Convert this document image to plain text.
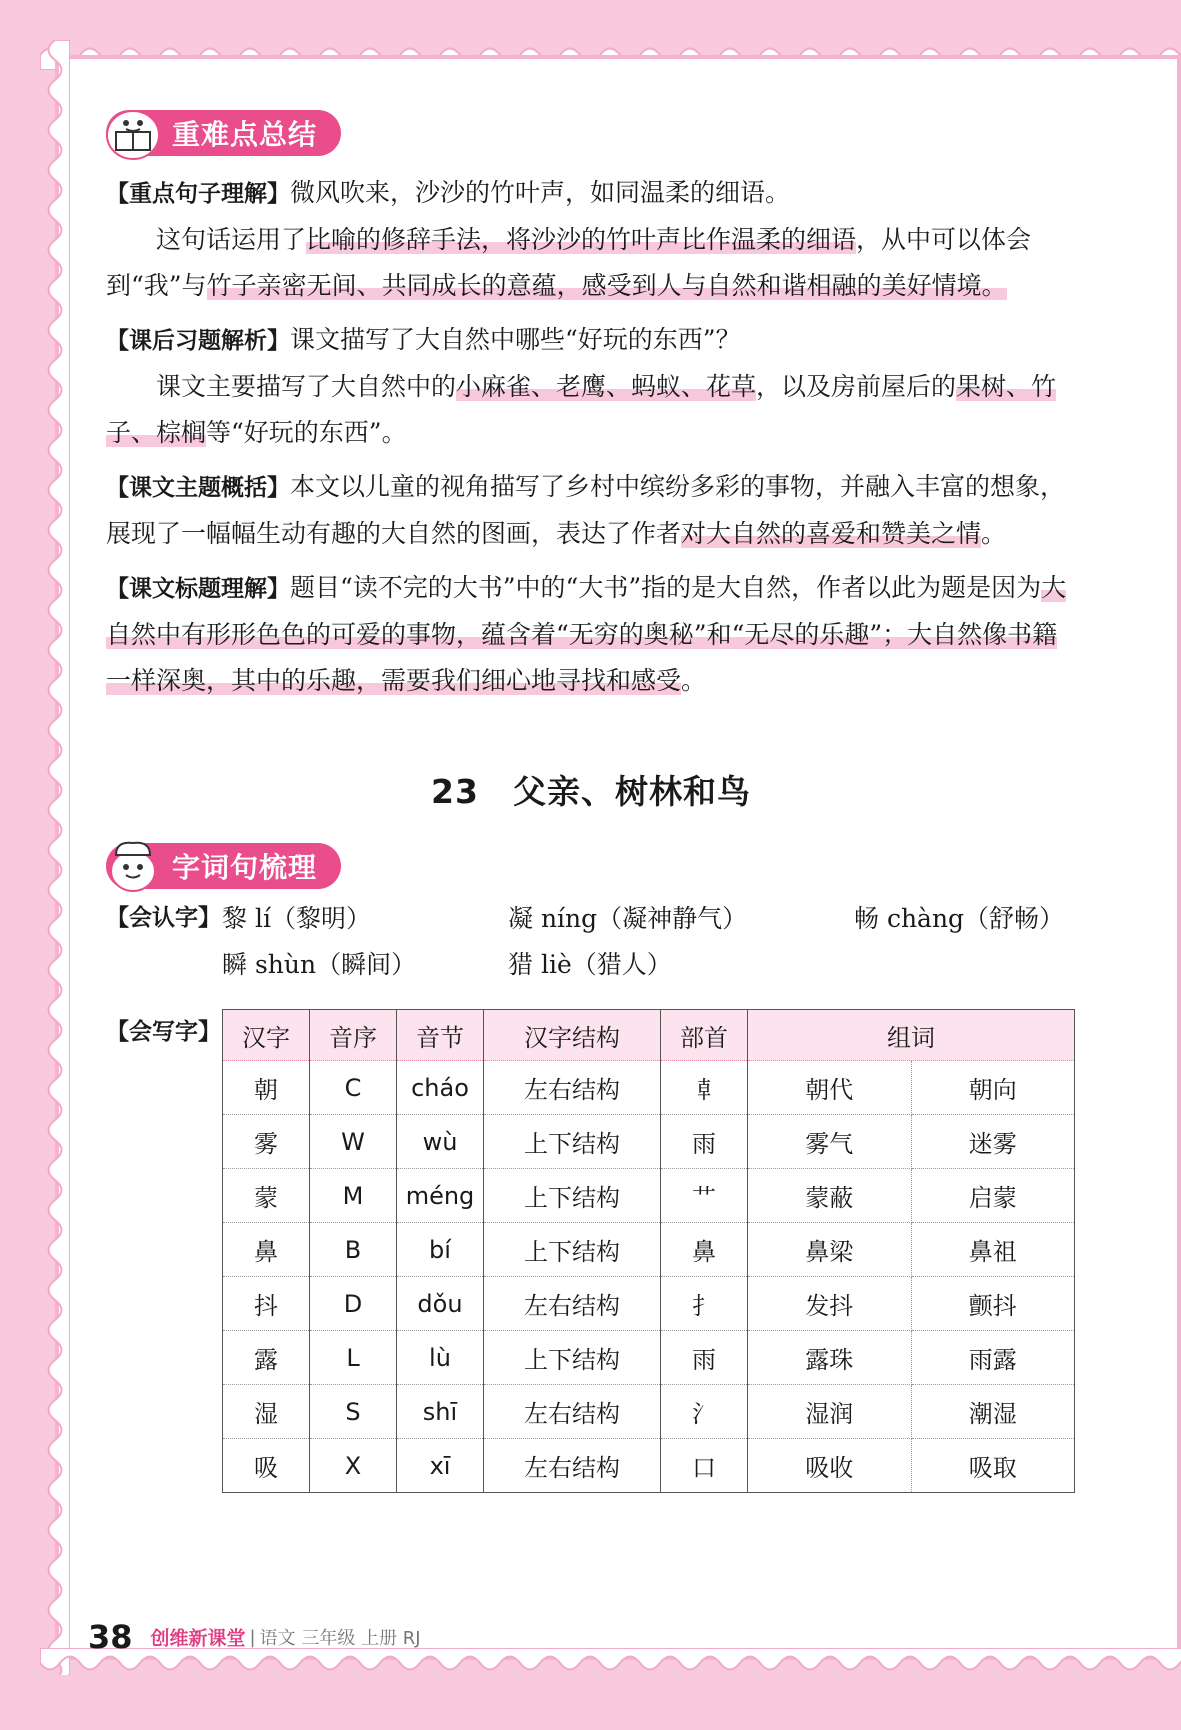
重难点总结

【重点句子理解】微风吹来，沙沙的竹叶声，如同温柔的细语。

这句话运用了比喻的修辞手法，将沙沙的竹叶声比作温柔的细语，从中可以体会到“我”与竹子亲密无间、共同成长的意蕴，感受到人与自然和谐相融的美好情境。

【课后习题解析】课文描写了大自然中哪些“好玩的东西”？

课文主要描写了大自然中的小麻雀、老鹰、蚂蚁、花草，以及房前屋后的果树、竹子、棕榈等“好玩的东西”。

【课文主题概括】本文以儿童的视角描写了乡村中缤纷多彩的事物，并融入丰富的想象，展现了一幅幅生动有趣的大自然的图画，表达了作者对大自然的喜爱和赞美之情。

【课文标题理解】题目“读不完的大书”中的“大书”指的是大自然，作者以此为题是因为大自然中有形形色色的可爱的事物，蕴含着“无穷的奥秘”和“无尽的乐趣”；大自然像书籍一样深奥，其中的乐趣，需要我们细心地寻找和感受。

23 父亲、树林和鸟
字词句梳理
【会认字】 黎 lí（黎明）	凝 níng（凝神静气）	畅 chàng（舒畅）
瞬 shùn（瞬间）	猎 liè（猎人）
【会写字】 汉字	音序	音节	汉字结构	部首	组词	
朝	C	cháo	左右结构	𠦝	朝代	朝向
雾	W	wù	上下结构	雨	雾气	迷雾
蒙	M	méng	上下结构	艹	蒙蔽	启蒙
鼻	B	bí	上下结构	鼻	鼻梁	鼻祖
抖	D	dǒu	左右结构	扌	发抖	颤抖
露	L	lù	上下结构	雨	露珠	雨露
湿	S	shī	左右结构	氵	湿润	潮湿
吸	X	xī	左右结构	口	吸收	吸取
38 创维新课堂 | 语文 三年级 上册 RJ
